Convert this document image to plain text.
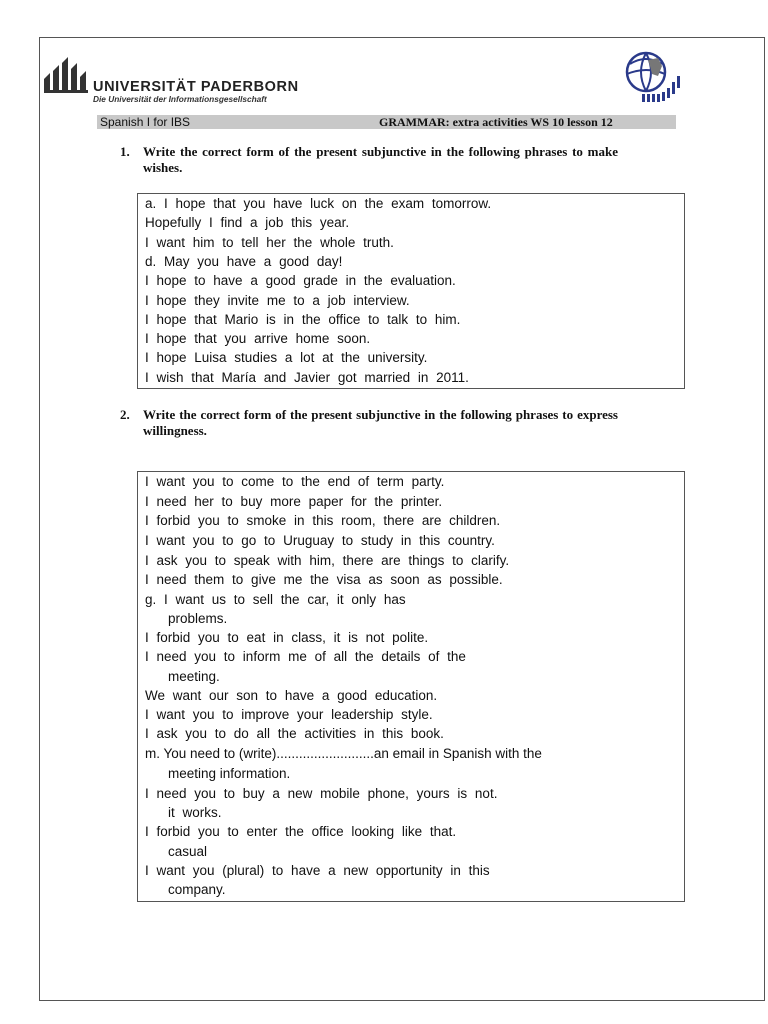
UNIVERSITÄT PADERBORN
Die Universität der Informationsgesellschaft
Spanish I for IBS	GRAMMAR: extra activities WS 10 lesson 12
1.	Write the correct form of the present subjunctive in the following phrases to make wishes.
a. I hope that you have luck on the exam tomorrow.
Hopefully I find a job this year.
I want him to tell her the whole truth.
d. May you have a good day!
I hope to have a good grade in the evaluation.
I hope they invite me to a job interview.
I hope that Mario is in the office to talk to him.
I hope that you arrive home soon.
I hope Luisa studies a lot at the university.
I wish that María and Javier got married in 2011.
2.	Write the correct form of the present subjunctive in the following phrases to express willingness.
I want you to come to the end of term party.
I need her to buy more paper for the printer.
I forbid you to smoke in this room, there are children.
I want you to go to Uruguay to study in this country.
I ask you to speak with him, there are things to clarify.
I need them to give me the visa as soon as possible.
g. I want us to sell the car, it only has
problems.
I forbid you to eat in class, it is not polite.
I need you to inform me of all the details of the
meeting.
We want our son to have a good education.
I want you to improve your leadership style.
I ask you to do all the activities in this book.
m. You need to (write)..........................an email in Spanish with the
meeting information.
I need you to buy a new mobile phone, yours is not.
it works.
I forbid you to enter the office looking like that.
casual
I want you (plural) to have a new opportunity in this
company.
